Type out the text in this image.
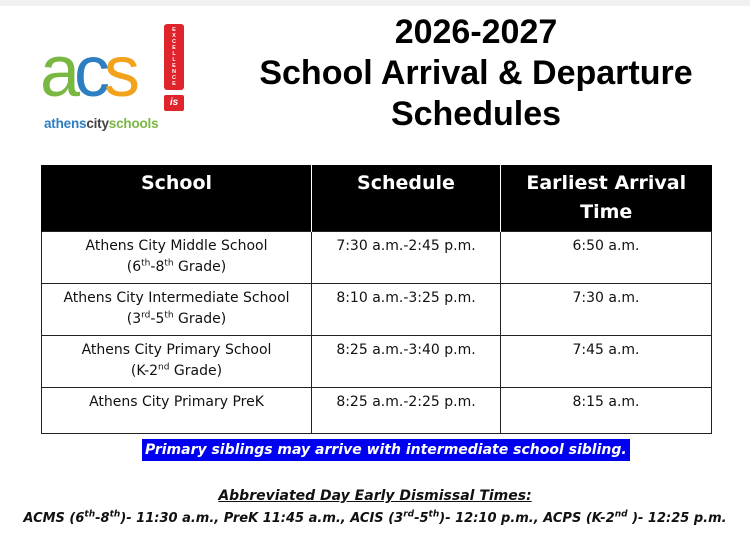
acs	EXCELLENCE
is
athenscityschools
2026-2027
School Arrival & Departure
Schedules
School	Schedule	Earliest Arrival Time

Athens City Middle School
(6th-8th Grade)	7:30 a.m.-2:45 p.m.	6:50 a.m.

Athens City Intermediate School
(3rd-5th Grade)	8:10 a.m.-3:25 p.m.	7:30 a.m.

Athens City Primary School
(K-2nd Grade)	8:25 a.m.-3:40 p.m.	7:45 a.m.

Athens City Primary PreK	8:25 a.m.-2:25 p.m.	8:15 a.m.
Primary siblings may arrive with intermediate school sibling.
Abbreviated Day Early Dismissal Times:
ACMS (6th-8th)- 11:30 a.m., PreK 11:45 a.m., ACIS (3rd-5th)- 12:10 p.m., ACPS (K-2nd )- 12:25 p.m.
